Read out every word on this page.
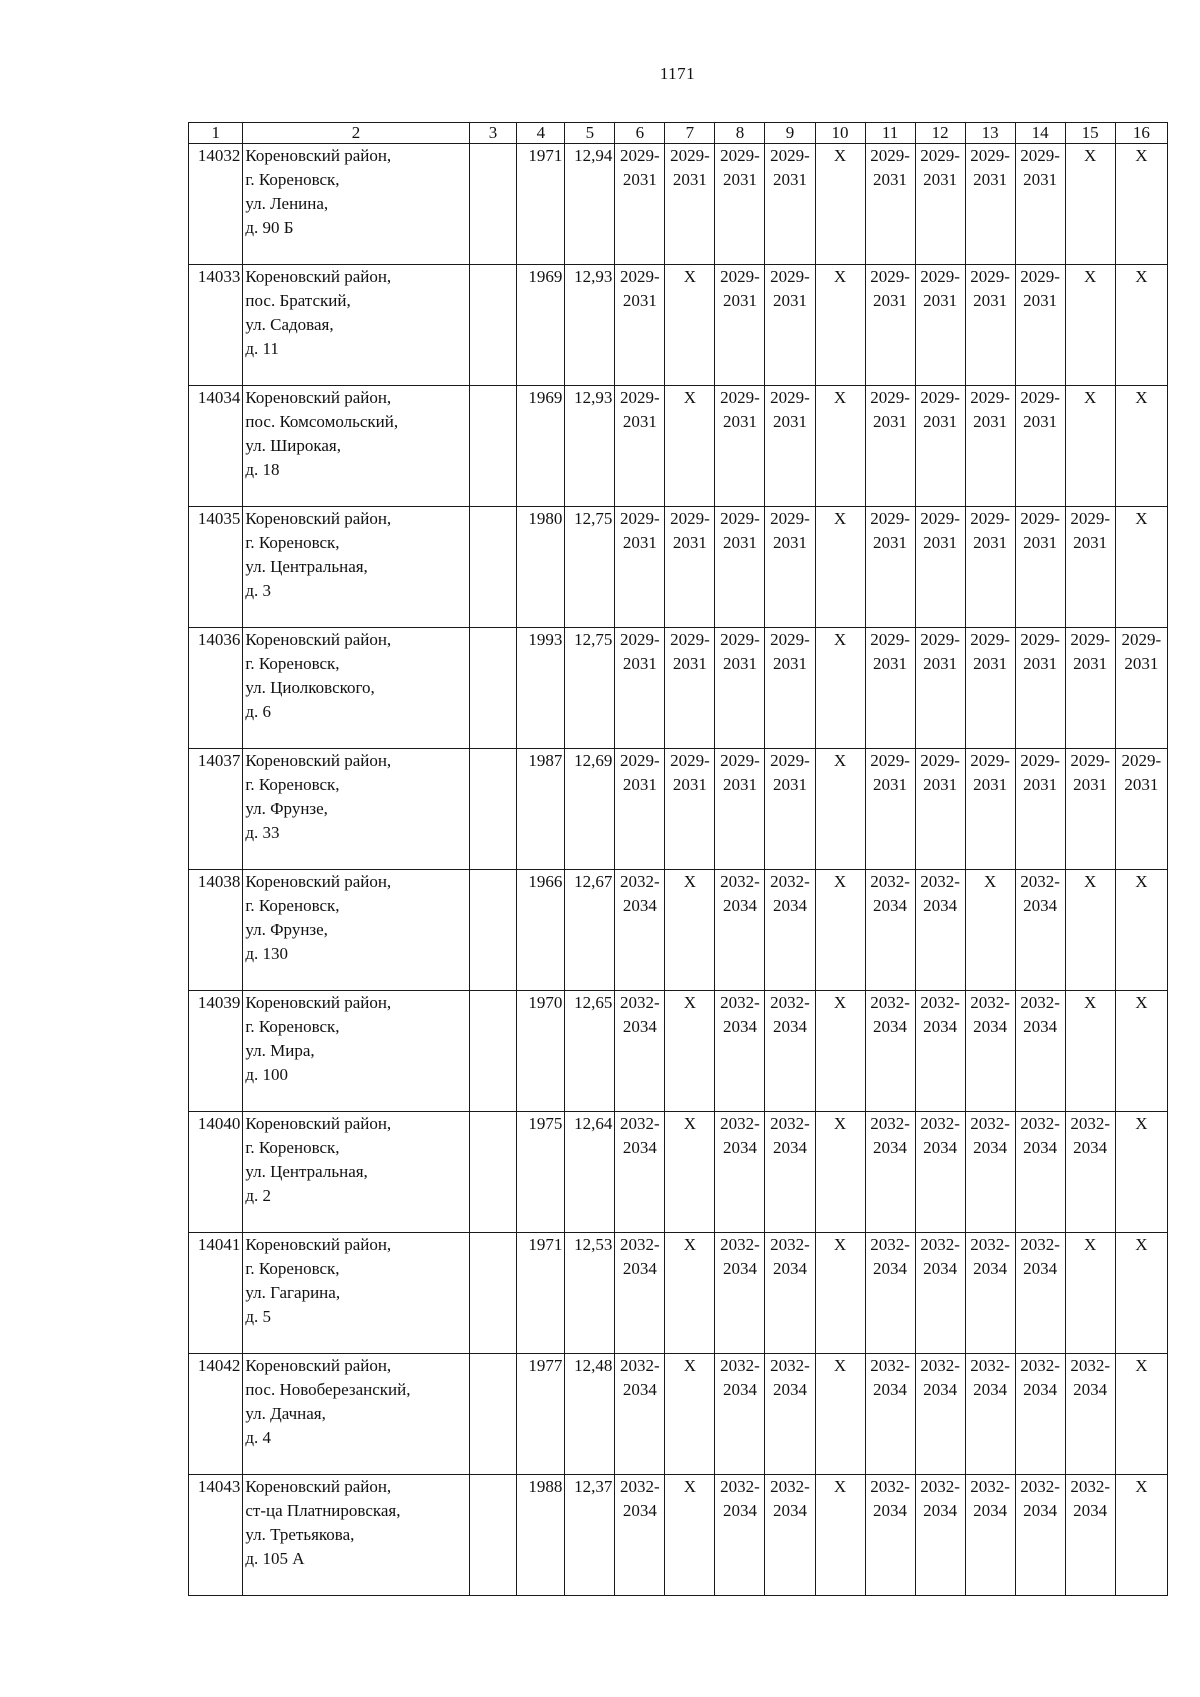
1171
1	2	3	4	5	6	7	8	9	10	11	12	13	14	15	16
14032	Кореновский район,
г. Кореновск,
ул. Ленина,
д. 90 Б		1971	12,94	2029-
2031	2029-
2031	2029-
2031	2029-
2031	Х	2029-
2031	2029-
2031	2029-
2031	2029-
2031	Х	Х
14033	Кореновский район,
пос. Братский,
ул. Садовая,
д. 11		1969	12,93	2029-
2031	Х	2029-
2031	2029-
2031	Х	2029-
2031	2029-
2031	2029-
2031	2029-
2031	Х	Х
14034	Кореновский район,
пос. Комсомольский,
ул. Широкая,
д. 18		1969	12,93	2029-
2031	Х	2029-
2031	2029-
2031	Х	2029-
2031	2029-
2031	2029-
2031	2029-
2031	Х	Х
14035	Кореновский район,
г. Кореновск,
ул. Центральная,
д. 3		1980	12,75	2029-
2031	2029-
2031	2029-
2031	2029-
2031	Х	2029-
2031	2029-
2031	2029-
2031	2029-
2031	2029-
2031	Х
14036	Кореновский район,
г. Кореновск,
ул. Циолковского,
д. 6		1993	12,75	2029-
2031	2029-
2031	2029-
2031	2029-
2031	Х	2029-
2031	2029-
2031	2029-
2031	2029-
2031	2029-
2031	2029-
2031

14037	Кореновский район,
г. Кореновск,
ул. Фрунзе,
д. 33		1987	12,69	2029-
2031	2029-
2031	2029-
2031	2029-
2031	Х	2029-
2031	2029-
2031	2029-
2031	2029-
2031	2029-
2031	2029-
2031

14038	Кореновский район,
г. Кореновск,
ул. Фрунзе,
д. 130		1966	12,67	2032-
2034	Х	2032-
2034	2032-
2034	Х	2032-
2034	2032-
2034	Х	2032-
2034	Х	Х
14039	Кореновский район,
г. Кореновск,
ул. Мира,
д. 100		1970	12,65	2032-
2034	Х	2032-
2034	2032-
2034	Х	2032-
2034	2032-
2034	2032-
2034	2032-
2034	Х	Х
14040	Кореновский район,
г. Кореновск,
ул. Центральная,
д. 2		1975	12,64	2032-
2034	Х	2032-
2034	2032-
2034	Х	2032-
2034	2032-
2034	2032-
2034	2032-
2034	2032-
2034	Х
14041	Кореновский район,
г. Кореновск,
ул. Гагарина,
д. 5		1971	12,53	2032-
2034	Х	2032-
2034	2032-
2034	Х	2032-
2034	2032-
2034	2032-
2034	2032-
2034	Х	Х
14042	Кореновский район,
пос. Новоберезанский,
ул. Дачная,
д. 4		1977	12,48	2032-
2034	Х	2032-
2034	2032-
2034	Х	2032-
2034	2032-
2034	2032-
2034	2032-
2034	2032-
2034	Х
14043	Кореновский район,
ст-ца Платнировская,
ул. Третьякова,
д. 105 А		1988	12,37	2032-
2034	Х	2032-
2034	2032-
2034	Х	2032-
2034	2032-
2034	2032-
2034	2032-
2034	2032-
2034	Х
